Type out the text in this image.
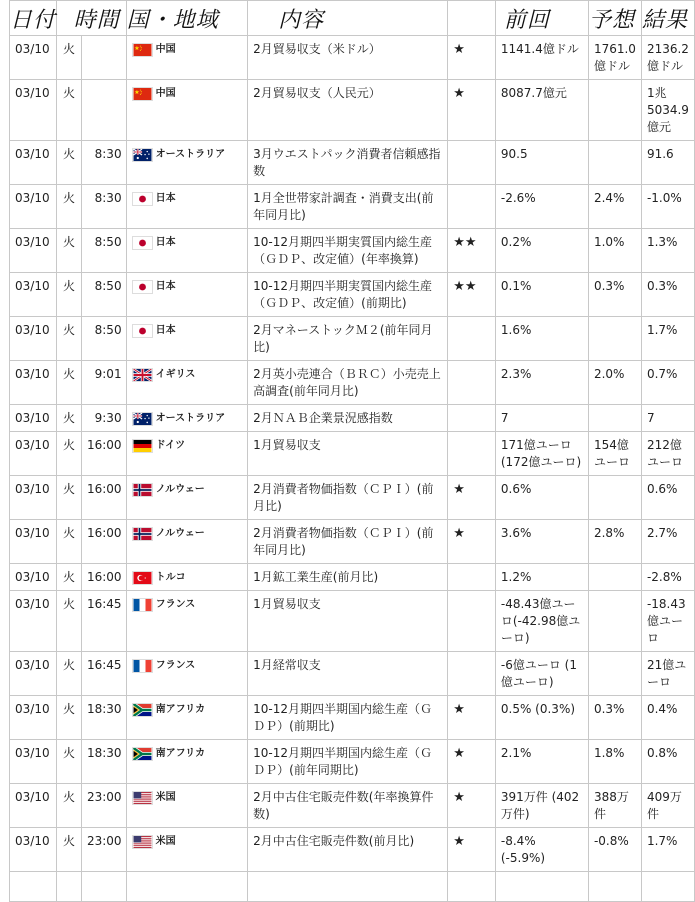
日付	時間		国・地域	内容		前回	予想	結果
03/10	火		中国	2月貿易収支（米ドル）	★	1141.4億ドル	1761.0億ドル	2136.2億ドル
03/10	火		中国	2月貿易収支（人民元）	★	8087.7億元		1兆5034.9億元
03/10	火	8:30	オーストラリア	3月ウエストパック消費者信頼感指数		90.5		91.6
03/10	火	8:30	日本	1月全世帯家計調査・消費支出(前年同月比)		-2.6%	2.4%	-1.0%
03/10	火	8:50	日本	10-12月期四半期実質国内総生産（ＧＤＰ、改定値）(年率換算)	★★	0.2%	1.0%	1.3%
03/10	火	8:50	日本	10-12月期四半期実質国内総生産（ＧＤＰ、改定値）(前期比)	★★	0.1%	0.3%	0.3%
03/10	火	8:50	日本	2月マネーストックＭ２(前年同月比)		1.6%		1.7%
03/10	火	9:01	イギリス	2月英小売連合（ＢＲＣ）小売売上高調査(前年同月比)		2.3%	2.0%	0.7%
03/10	火	9:30	オーストラリア	2月ＮＡＢ企業景況感指数		7		7
03/10	火	16:00	ドイツ	1月貿易収支		171億ユーロ(172億ユーロ)	154億ユーロ	212億ユーロ
03/10	火	16:00	ノルウェー	2月消費者物価指数（ＣＰＩ）(前月比)	★	0.6%		0.6%
03/10	火	16:00	ノルウェー	2月消費者物価指数（ＣＰＩ）(前年同月比)	★	3.6%	2.8%	2.7%
03/10	火	16:00	トルコ	1月鉱工業生産(前月比)		1.2%		-2.8%
03/10	火	16:45	フランス	1月貿易収支		-48.43億ユーロ(-42.98億ユーロ)		-18.43億ユーロ
03/10	火	16:45	フランス	1月経常収支		-6億ユーロ (1億ユーロ)		21億ユーロ
03/10	火	18:30	南アフリカ	10-12月期四半期国内総生産（ＧＤＰ）(前期比)	★	0.5% (0.3%)	0.3%	0.4%
03/10	火	18:30	南アフリカ	10-12月期四半期国内総生産（ＧＤＰ）(前年同期比)	★	2.1%	1.8%	0.8%
03/10	火	23:00	米国	2月中古住宅販売件数(年率換算件数)	★	391万件 (402万件)	388万件	409万件
03/10	火	23:00	米国	2月中古住宅販売件数(前月比)	★	-8.4% (-5.9%)	-0.8%	1.7%
